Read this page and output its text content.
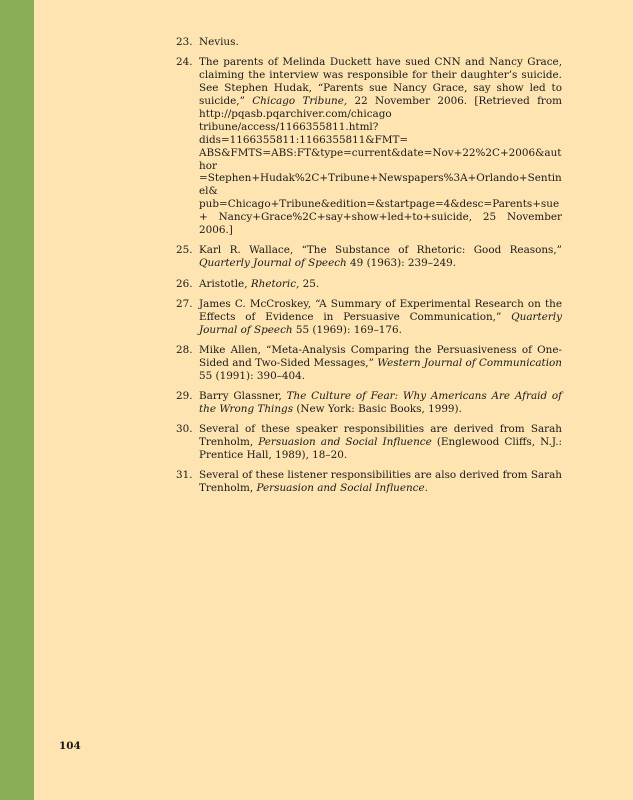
23. Nevius.
24. The parents of Melinda Duckett have sued CNN and Nancy Grace, claiming the interview was responsible for their daughter’s suicide. See Stephen Hudak, “Parents sue Nancy Grace, say show led to suicide,” Chicago Tribune, 22 November 2006. [Retrieved from http://pqasb.pqarchiver.com/chicago tribune/access/1166355811.html?dids=1166355811:1166355811&FMT= ABS&FMTS=ABS:FT&type=current&date=Nov+22%2C+2006&author =Stephen+Hudak%2C+Tribune+Newspapers%3A+Orlando+Sentinel& pub=Chicago+Tribune&edition=&startpage=4&desc=Parents+sue+ Nancy+Grace%2C+say+show+led+to+suicide, 25 November 2006.]
25. Karl R. Wallace, “The Substance of Rhetoric: Good Reasons,” Quarterly Journal of Speech 49 (1963): 239–249.
26. Aristotle, Rhetoric, 25.
27. James C. McCroskey, “A Summary of Experimental Research on the Effects of Evidence in Persuasive Communication,” Quarterly Journal of Speech 55 (1969): 169–176.
28. Mike Allen, “Meta-Analysis Comparing the Persuasiveness of One-Sided and Two-Sided Messages,” Western Journal of Communication 55 (1991): 390–404.
29. Barry Glassner, The Culture of Fear: Why Americans Are Afraid of the Wrong Things (New York: Basic Books, 1999).
30. Several of these speaker responsibilities are derived from Sarah Trenholm, Persuasion and Social Influence (Englewood Cliffs, N.J.: Prentice Hall, 1989), 18–20.
31. Several of these listener responsibilities are also derived from Sarah Trenholm, Persuasion and Social Influence.
104
